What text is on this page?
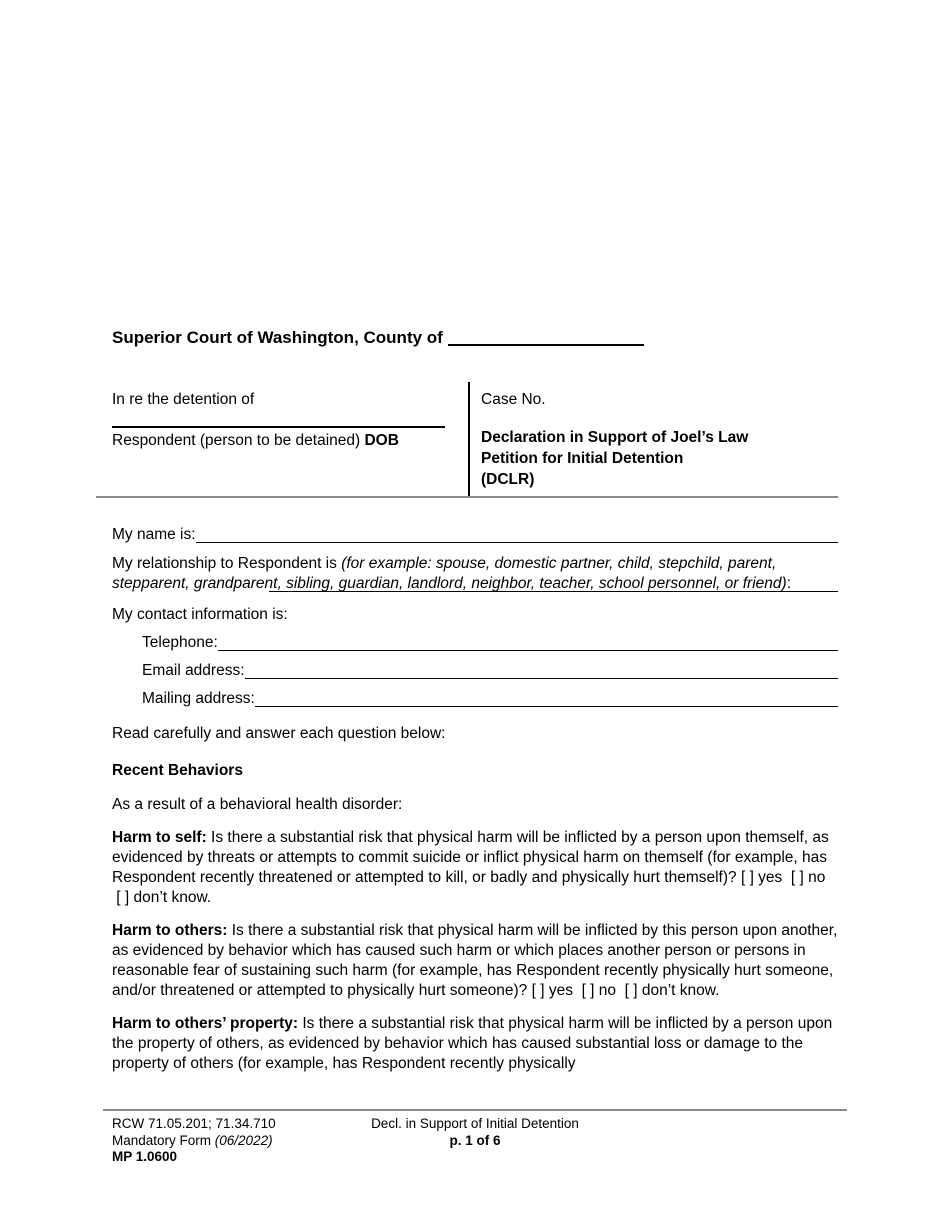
Superior Court of Washington, County of

In re the detention of

Respondent (person to be detained) DOB

Case No.

Declaration in Support of Joel’s Law
Petition for Initial Detention
(DCLR)
My name is:

My relationship to Respondent is (for example: spouse, domestic partner, child, stepchild, parent, stepparent, grandparent, sibling, guardian, landlord, neighbor, teacher, school personnel, or friend):

My contact information is:

Telephone:
Email address:
Mailing address:

Read carefully and answer each question below:

Recent Behaviors

As a result of a behavioral health disorder:

Harm to self: Is there a substantial risk that physical harm will be inflicted by a person upon themself, as evidenced by threats or attempts to commit suicide or inflict physical harm on themself (for example, has Respondent recently threatened or attempted to kill, or badly and physically hurt themself)? [ ] yes  [ ] no  [ ] don’t know.

Harm to others: Is there a substantial risk that physical harm will be inflicted by this person upon another, as evidenced by behavior which has caused such harm or which places another person or persons in reasonable fear of sustaining such harm (for example, has Respondent recently physically hurt someone, and/or threatened or attempted to physically hurt someone)? [ ] yes  [ ] no  [ ] don’t know.

Harm to others’ property: Is there a substantial risk that physical harm will be inflicted by a person upon the property of others, as evidenced by behavior which has caused substantial loss or damage to the property of others (for example, has Respondent recently physically

RCW 71.05.201; 71.34.710
Mandatory Form (06/2022)
MP 1.0600
Decl. in Support of Initial Detention
p. 1 of 6
